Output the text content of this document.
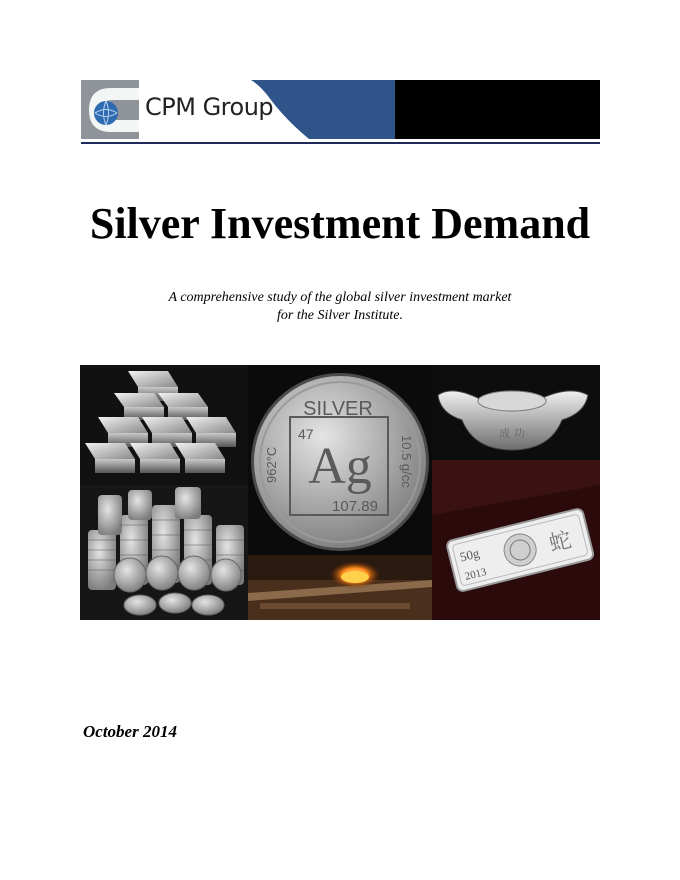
CPM Group
Silver Investment Demand
A comprehensive study of the global silver investment market
for the Silver Institute.
SILVER
47
Ag
107.89
962°C	10.5 g/cc
成 功
50g
2013
蛇
October 2014
